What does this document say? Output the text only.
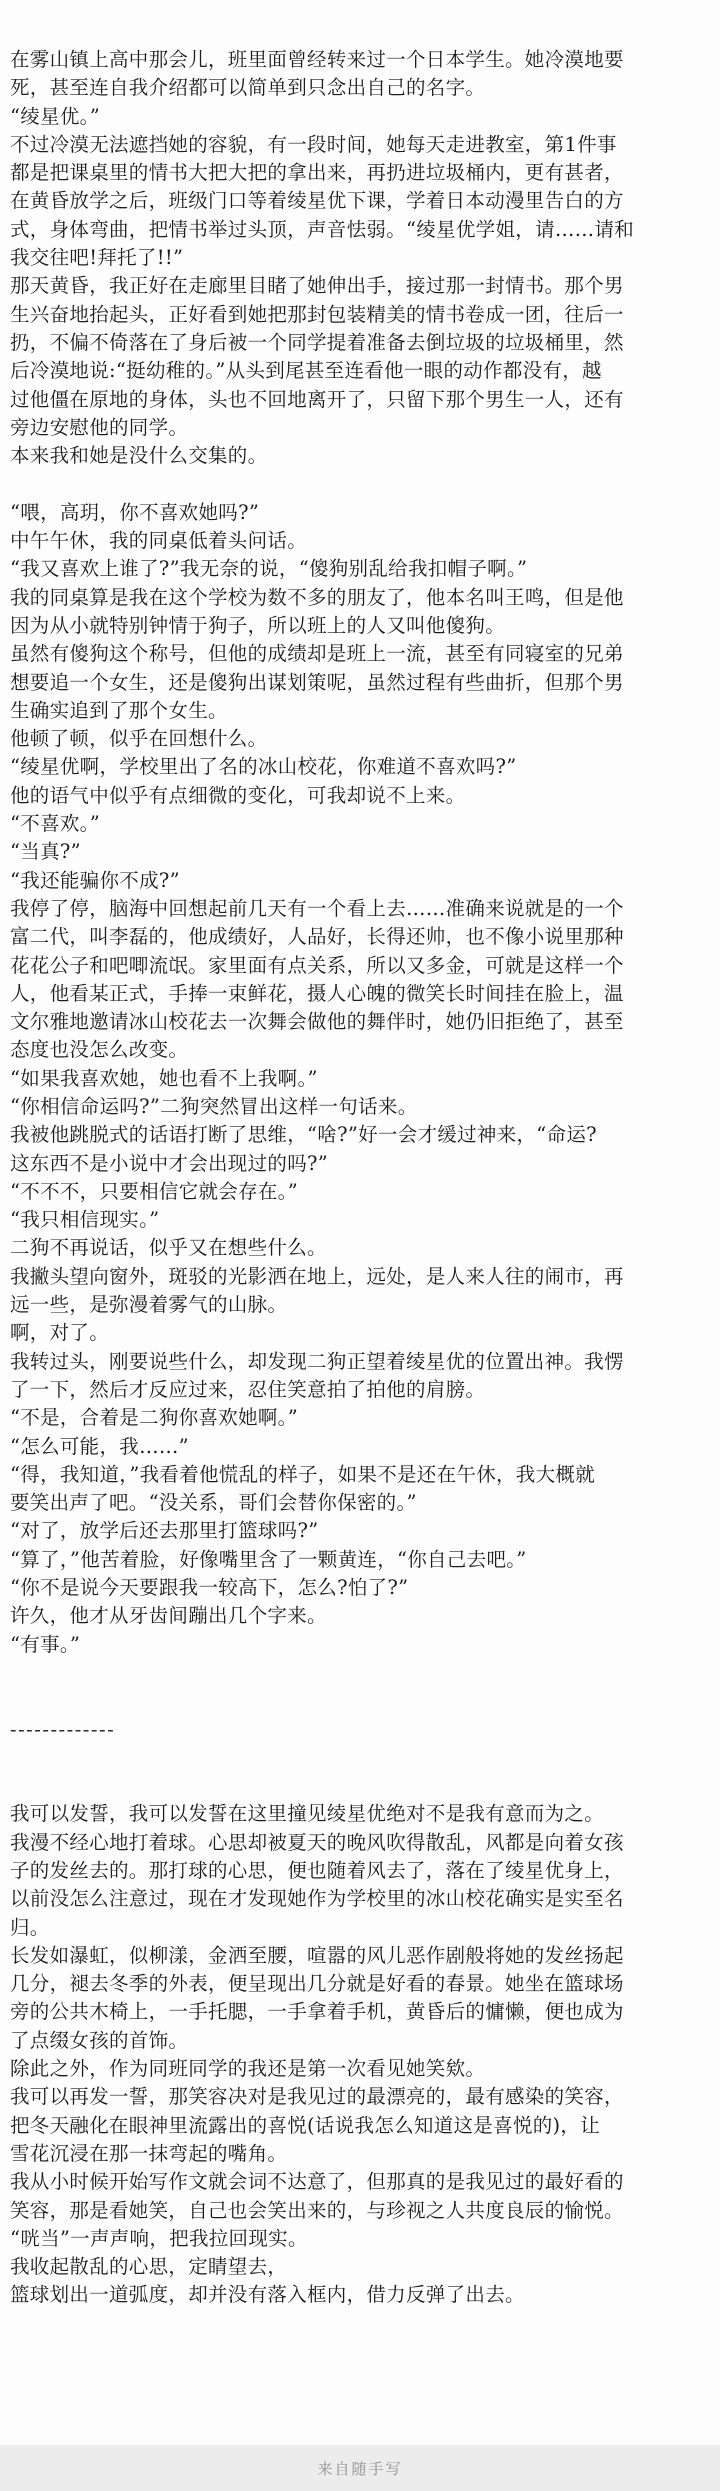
在雾山镇上高中那会儿，班里面曾经转来过一个日本学生。她冷漠地要
死，甚至连自我介绍都可以简单到只念出自己的名字。
“绫星优。”
不过冷漠无法遮挡她的容貌，有一段时间，她每天走进教室，第1件事
都是把课桌里的情书大把大把的拿出来，再扔进垃圾桶内，更有甚者，
在黄昏放学之后，班级门口等着绫星优下课，学着日本动漫里告白的方
式，身体弯曲，把情书举过头顶，声音怯弱。“绫星优学姐，请……请和
我交往吧!拜托了!!”
那天黄昏，我正好在走廊里目睹了她伸出手，接过那一封情书。那个男
生兴奋地抬起头，正好看到她把那封包装精美的情书卷成一团，往后一
扔，不偏不倚落在了身后被一个同学提着准备去倒垃圾的垃圾桶里，然
后冷漠地说:“挺幼稚的。”从头到尾甚至连看他一眼的动作都没有，越
过他僵在原地的身体，头也不回地离开了，只留下那个男生一人，还有
旁边安慰他的同学。
本来我和她是没什么交集的。
“喂，高玥，你不喜欢她吗?”
中午午休，我的同桌低着头问话。
“我又喜欢上谁了?”我无奈的说，“傻狗别乱给我扣帽子啊。”
我的同桌算是我在这个学校为数不多的朋友了，他本名叫王鸣，但是他
因为从小就特别钟情于狗子，所以班上的人又叫他傻狗。
虽然有傻狗这个称号，但他的成绩却是班上一流，甚至有同寝室的兄弟
想要追一个女生，还是傻狗出谋划策呢，虽然过程有些曲折，但那个男
生确实追到了那个女生。
他顿了顿，似乎在回想什么。
“绫星优啊，学校里出了名的冰山校花，你难道不喜欢吗?”
他的语气中似乎有点细微的变化，可我却说不上来。
“不喜欢。”
“当真?”
“我还能骗你不成?”
我停了停，脑海中回想起前几天有一个看上去……准确来说就是的一个
富二代，叫李磊的，他成绩好，人品好，长得还帅，也不像小说里那种
花花公子和吧唧流氓。家里面有点关系，所以又多金，可就是这样一个
人，他看某正式，手捧一束鲜花，摄人心魄的微笑长时间挂在脸上，温
文尔雅地邀请冰山校花去一次舞会做他的舞伴时，她仍旧拒绝了，甚至
态度也没怎么改变。
“如果我喜欢她，她也看不上我啊。”
“你相信命运吗?”二狗突然冒出这样一句话来。
我被他跳脱式的话语打断了思维，“啥?”好一会才缓过神来，“命运?
这东西不是小说中才会出现过的吗?”
“不不不，只要相信它就会存在。”
“我只相信现实。”
二狗不再说话，似乎又在想些什么。
我撇头望向窗外，斑驳的光影洒在地上，远处，是人来人往的闹市，再
远一些，是弥漫着雾气的山脉。
啊，对了。
我转过头，刚要说些什么，却发现二狗正望着绫星优的位置出神。我愣
了一下，然后才反应过来，忍住笑意拍了拍他的肩膀。
“不是，合着是二狗你喜欢她啊。”
“怎么可能，我……”
“得，我知道，”我看着他慌乱的样子，如果不是还在午休，我大概就
要笑出声了吧。“没关系，哥们会替你保密的。”
“对了，放学后还去那里打篮球吗?”
“算了，”他苦着脸，好像嘴里含了一颗黄连，“你自己去吧。”
“你不是说今天要跟我一较高下，怎么?怕了?”
许久，他才从牙齿间蹦出几个字来。
“有事。”
-------------
我可以发誓，我可以发誓在这里撞见绫星优绝对不是我有意而为之。
我漫不经心地打着球。心思却被夏天的晚风吹得散乱，风都是向着女孩
子的发丝去的。那打球的心思，便也随着风去了，落在了绫星优身上，
以前没怎么注意过，现在才发现她作为学校里的冰山校花确实是实至名
归。
长发如瀑虹，似柳漾，金洒至腰，喧嚣的风儿恶作剧般将她的发丝扬起
几分，褪去冬季的外表，便呈现出几分就是好看的春景。她坐在篮球场
旁的公共木椅上，一手托腮，一手拿着手机，黄昏后的慵懒，便也成为
了点缀女孩的首饰。
除此之外，作为同班同学的我还是第一次看见她笑欸。
我可以再发一誓，那笑容决对是我见过的最漂亮的，最有感染的笑容，
把冬天融化在眼神里流露出的喜悦(话说我怎么知道这是喜悦的)，让
雪花沉浸在那一抹弯起的嘴角。
我从小时候开始写作文就会词不达意了，但那真的是我见过的最好看的
笑容，那是看她笑，自己也会笑出来的，与珍视之人共度良辰的愉悦。
“咣当”一声声响，把我拉回现实。
我收起散乱的心思，定睛望去，
篮球划出一道弧度，却并没有落入框内，借力反弹了出去。
来自随手写
